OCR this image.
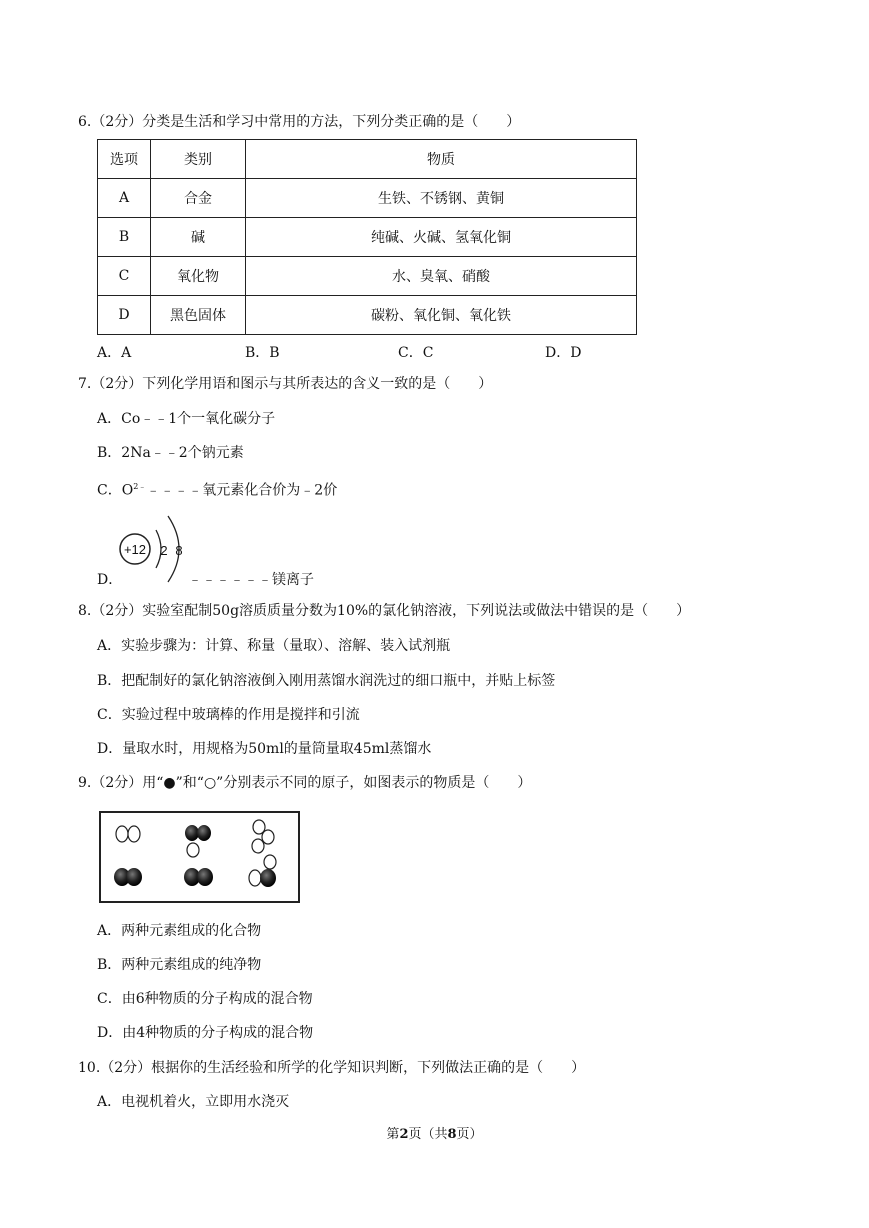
6.（2分）分类是生活和学习中常用的方法，下列分类正确的是（　　）
选项	类别	物质
A	合金	生铁、不锈钢、黄铜
B	碱	纯碱、火碱、氢氧化铜
C	氧化物	水、臭氧、硝酸
D	黑色固体	碳粉、氧化铜、氧化铁
A．A	B．B	C．C	D．D
7.（2分）下列化学用语和图示与其所表达的含义一致的是（　　）
A．Co﹣﹣1个一氧化碳分子
B．2Na﹣﹣2个钠元素
C．$O^{2﹣}﹣﹣﹣﹣$氧元素化合价为﹣2价
+12 2 8
D．	﹣﹣﹣﹣﹣﹣镁离子
8.（2分）实验室配制50g溶质质量分数为10%的氯化钠溶液，下列说法或做法中错误的是（　　）
A．实验步骤为：计算、称量（量取）、溶解、装入试剂瓶
B．把配制好的氯化钠溶液倒入刚用蒸馏水润洗过的细口瓶中，并贴上标签
C．实验过程中玻璃棒的作用是搅拌和引流
D．量取水时，用规格为50ml的量筒量取45ml蒸馏水
9.（2分）用“●”和“○”分别表示不同的原子，如图表示的物质是（　　）
A．两种元素组成的化合物
B．两种元素组成的纯净物
C．由6种物质的分子构成的混合物
D．由4种物质的分子构成的混合物
10.（2分）根据你的生活经验和所学的化学知识判断，下列做法正确的是（　　）
A．电视机着火，立即用水浇灭
第2页（共8页）
